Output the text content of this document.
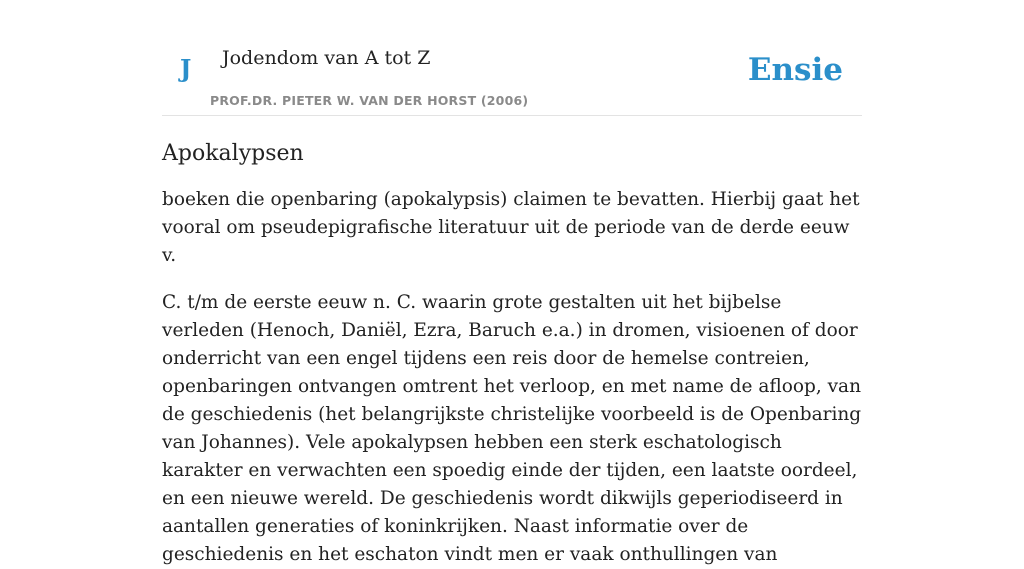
J Jodendom van A tot Z
PROF.DR. PIETER W. VAN DER HORST (2006)
Ensie
Apokalypsen

boeken die openbaring (apokalypsis) claimen te bevatten. Hierbij gaat het vooral om pseudepigrafische literatuur uit de periode van de derde eeuw v.

C. t/m de eerste eeuw n. C. waarin grote gestalten uit het bijbelse verleden (Henoch, Daniël, Ezra, Baruch e.a.) in dromen, visioenen of door onderricht van een engel tijdens een reis door de hemelse contreien, openbaringen ontvangen omtrent het verloop, en met name de afloop, van de geschiedenis (het belangrijkste christelijke voorbeeld is de Openbaring van Johannes). Vele apokalypsen hebben een sterk eschatologisch karakter en verwachten een spoedig einde der tijden, een laatste oordeel, en een nieuwe wereld. De geschiedenis wordt dikwijls geperiodiseerd in aantallen generaties of koninkrijken. Naast informatie over de geschiedenis en het eschaton vindt men er vaak onthullingen van
